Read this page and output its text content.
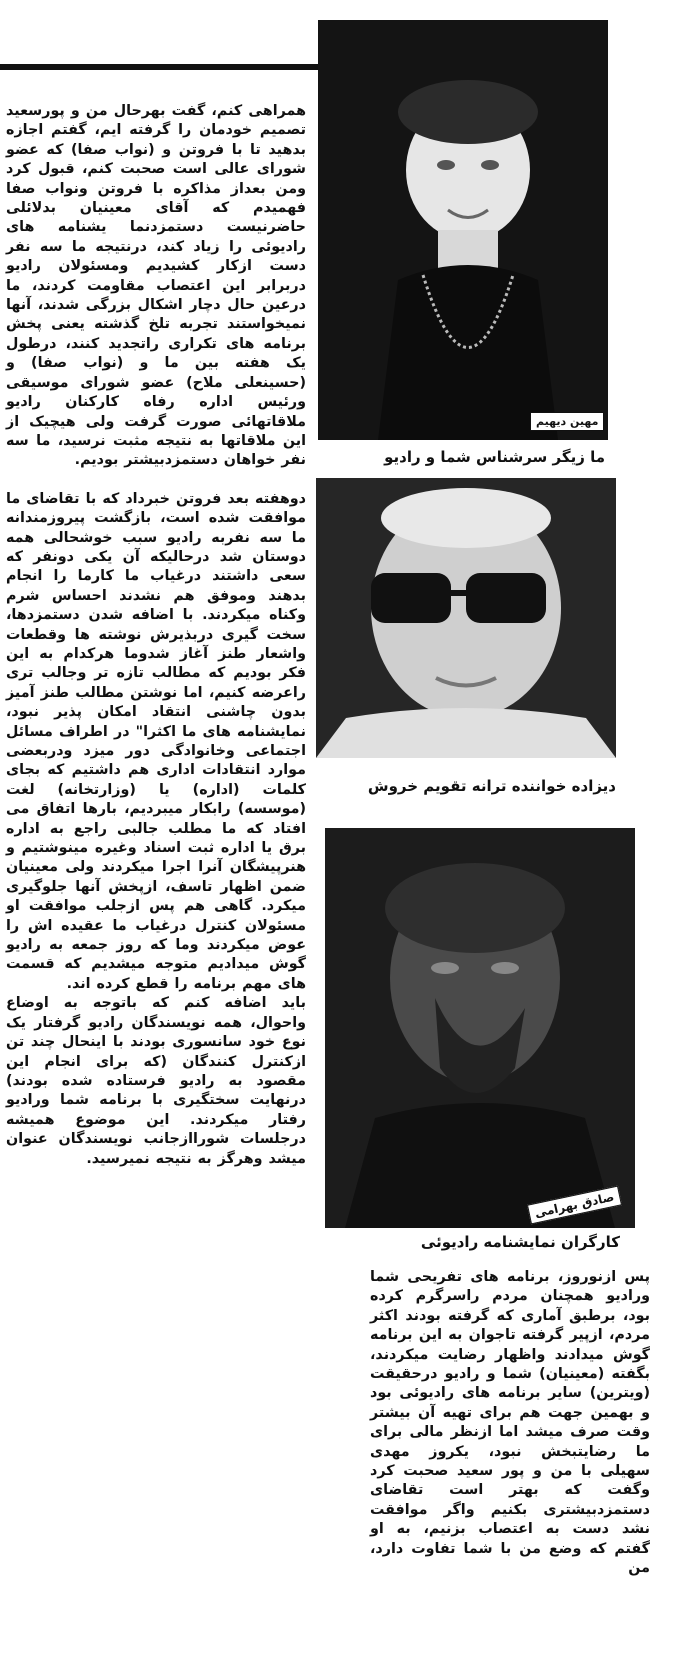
همراهی کنم، گفت بهرحال من و پورسعید تصمیم خودمان را گرفته ایم، گفتم اجازه بدهید تا با فروتن و (نواب صفا) که عضو شورای عالی است صحبت کنم، قبول کرد ومن بعداز مذاکره با فروتن ونواب صفا فهمیدم که آقای معینیان بدلائلی حاضرنیست دستمزدنما یشنامه های رادیوئی را زیاد کند، درنتیجه ما سه نفر دست ازکار کشیدیم ومسئولان رادیو دربرابر این اعتصاب مقاومت کردند، ما درعین حال دچار اشکال بزرگی شدند، آنها نمیخواستند تجربه تلخ گذشته یعنی پخش برنامه های تکراری راتجدید کنند، درطول یک هفته بین ما و (نواب صفا) و (حسینعلی ملاح) عضو شورای موسیقی ورئیس اداره رفاه کارکنان رادیو ملاقاتهائی صورت گرفت ولی هیچیک از این ملاقاتها به نتیجه مثبت نرسید، ما سه نفر خواهان دستمزدبیشتر بودیم.

دوهفته بعد فروتن خبرداد که با تقاضای ما موافقت شده است، بازگشت پیروزمندانه ما سه نفربه رادیو سبب خوشحالی همه دوستان شد درحالیکه آن یکی دونفر که سعی داشتند درغیاب ما کارما را انجام بدهند وموفق هم نشدند احساس شرم وکناه میکردند. با اضافه شدن دستمزدها، سخت گیری دربذیرش نوشته ها وقطعات واشعار طنز آغاز شدوما هرکدام به این فکر بودیم که مطالب تازه تر وجالب تری راعرضه کنیم، اما نوشتن مطالب طنز آمیز بدون چاشنی انتقاد امکان پذیر نبود، نمایشنامه های ما اکثرا" در اطراف مسائل اجتماعی وخانوادگی دور میزد ودربعضی موارد انتقادات اداری هم داشتیم که بجای کلمات (اداره) یا (وزارتخانه) لغت (موسسه) رابکار میبردیم، بارها اتفاق می افتاد که ما مطلب جالبی راجع به اداره برق یا اداره ثبت اسناد وغیره مینوشتیم و هنرپیشگان آنرا اجرا میکردند ولی معینیان ضمن اظهار تاسف، ازپخش آنها جلوگیری میکرد. گاهی هم پس ازجلب موافقت او مسئولان کنترل درغیاب ما عقیده اش را عوض میکردند وما که روز جمعه به رادیو گوش میدادیم متوجه میشدیم که قسمت های مهم برنامه را قطع کرده اند.

باید اضافه کنم که باتوجه به اوضاع واحوال، همه نویسندگان رادیو گرفتار یک نوع خود سانسوری بودند با اینحال چند تن ازکنترل کنندگان (که برای انجام این مقصود به رادیو فرستاده شده بودند) درنهایت سختگیری با برنامه شما ورادیو رفتار میکردند. این موضوع همیشه درجلسات شوراازجانب نویسندگان عنوان میشد وهرگز به نتیجه نمیرسید.

مهین دیهیم
ما زیگر سرشناس شما و رادیو
دیزاده خواننده ترانه تقویم خروش
صادق بهرامی
کارگران نمایشنامه رادیوئی

پس ازنوروز، برنامه های تفریحی شما ورادیو همچنان مردم راسرگرم کرده بود، برطبق آماری که گرفته بودند اکثر مردم، ازپیر گرفته تاجوان به این برنامه گوش میدادند واظهار رضایت میکردند، بگفته (معینیان) شما و رادیو درحقیقت (ویترین) سایر برنامه های رادیوئی بود و بهمین جهت هم برای تهیه آن بیشتر وقت صرف میشد اما ازنظر مالی برای ما رضایتبخش نبود، یکروز مهدی سهیلی با من و پور سعید صحبت کرد وگفت که بهتر است تقاضای دستمزدبیشتری بکنیم واگر موافقت نشد دست به اعتصاب بزنیم، به او گفتم که وضع من با شما تفاوت دارد، من
